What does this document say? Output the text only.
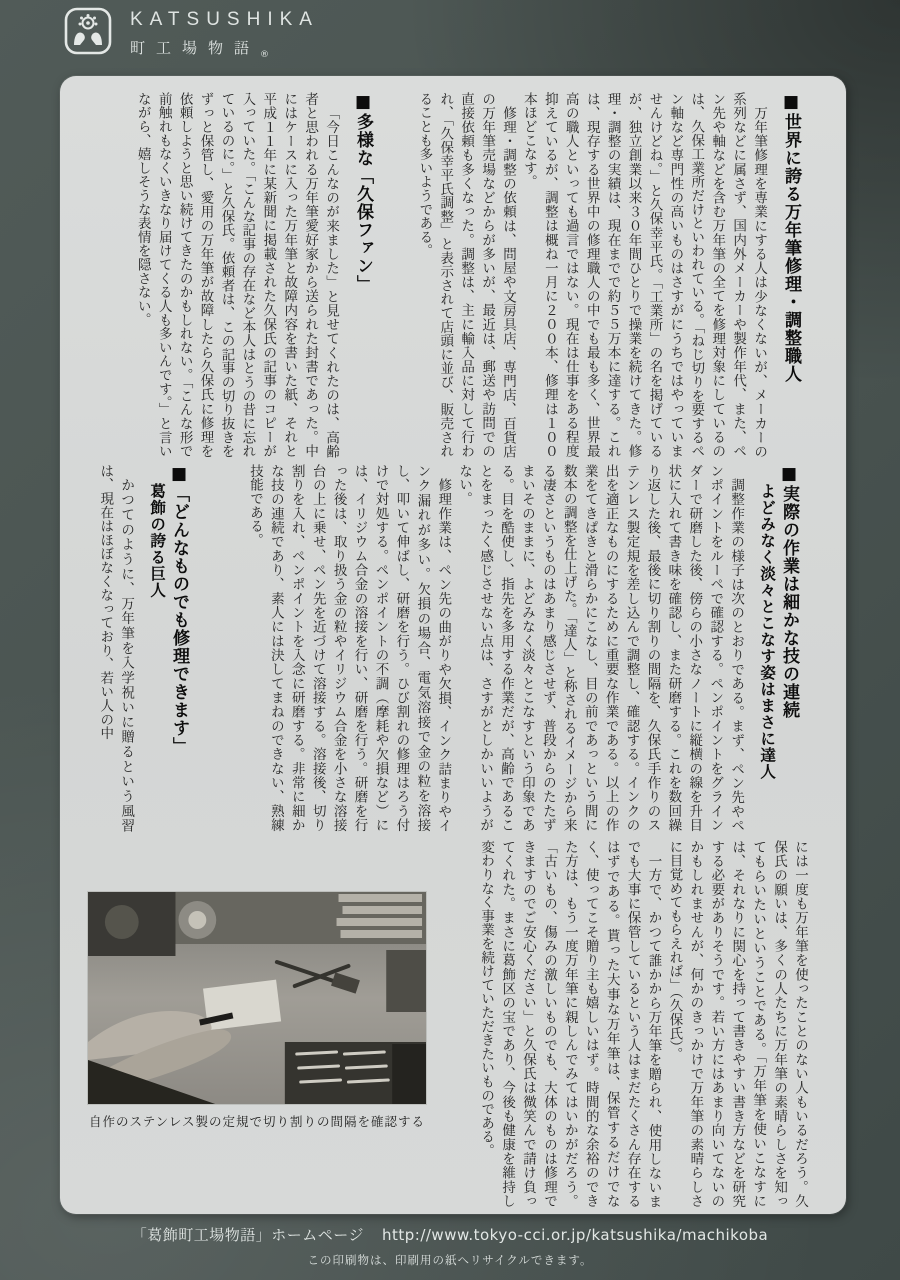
KATSUSHIKA
町工場物語$_®$
■世界に誇る万年筆修理・調整職人

万年筆修理を専業にする人は少なくないが、メーカーの系列などに属さず、国内外メーカーや製作年代、また、ペン先や軸などを含む万年筆の全てを修理対象にしているのは、久保工業所だけといわれている。「ねじ切りを要するペン軸など専門性の高いものはさすがにうちではやっていませんけどね。」と久保幸平氏。「工業所」の名を掲げているが、独立創業以来３０年間ひとりで操業を続けてきた。修理・調整の実績は、現在までで約５５万本に達する。これは、現存する世界中の修理職人の中でも最も多く、世界最高の職人といっても過言ではない。現在は仕事をある程度抑えているが、調整は概ね一月に２００本、修理は１００本ほどこなす。

修理・調整の依頼は、問屋や文房具店、専門店、百貨店の万年筆売場などからが多いが、最近は、郵送や訪問での直接依頼も多くなった。調整は、主に輸入品に対して行われ、「久保幸平氏調整」と表示されて店頭に並び、販売されることも多いようである。

■多様な「久保ファン」

「今日こんなのが来ました」と見せてくれたのは、高齢者と思われる万年筆愛好家から送られた封書であった。中にはケースに入った万年筆と故障内容を書いた紙、それと平成１１年に某新聞に掲載された久保氏の記事のコピーが入っていた。「こんな記事の存在など本人はとうの昔に忘れているのに。」と久保氏。依頼者は、この記事の切り抜きをずっと保管し、愛用の万年筆が故障したら久保氏に修理を依頼しようと思い続けてきたのかもしれない。「こんな形で前触れもなくいきなり届けてくる人も多いんです。」と言いながら、嬉しそうな表情を隠さない。

■実際の作業は細かな技の連続
よどみなく淡々とこなす姿はまさに達人

調整作業の様子は次のとおりである。まず、ペン先やペンポイントをルーペで確認する。ペンポイントをグラインダーで研磨した後、傍らの小さなノートに縦横の線を升目状に入れて書き味を確認し、また研磨する。これを数回繰り返した後、最後に切り割りの間隔を、久保氏手作りのステンレス製定規を差し込んで調整し、確認する。インクの出を適正なものにするために重要な作業である。以上の作業をてきぱきと滑らかにこなし、目の前であっという間に数本の調整を仕上げた。「達人」と称されるイメージから来る凄さというものはあまり感じさせず、普段からのたたずまいそのままに、よどみなく淡々とこなすという印象である。目を酷使し、指先を多用する作業だが、高齢であることをまったく感じさせない点は、さすがとしかいいようがない。

修理作業は、ペン先の曲がりや欠損、インク詰まりやインク漏れが多い。欠損の場合、電気溶接で金の粒を溶接し、叩いて伸ばし、研磨を行う。ひび割れの修理はろう付けで対処する。ペンポイントの不調（摩耗や欠損など）には、イリジウム合金の溶接を行い、研磨を行う。研磨を行った後は、取り扱う金の粒やイリジウム合金を小さな溶接台の上に乗せ、ペン先を近づけて溶接する。溶接後、切り割りを入れ、ペンポイントを入念に研磨する。非常に細かな技の連続であり、素人には決してまねのできない、熟練技能である。

■「どんなものでも修理できます」
葛飾の誇る巨人

かつてのように、万年筆を入学祝いに贈るという風習は、現在はほぼなくなっており、若い人の中

には一度も万年筆を使ったことのない人もいるだろう。久保氏の願いは、多くの人たちに万年筆の素晴らしさを知ってもらいたいということである。「万年筆を使いこなすには、それなりに関心を持って書きやすい書き方などを研究する必要がありそうです。若い方にはあまり向いてないのかもしれませんが、何かのきっかけで万年筆の素晴らしさに目覚めてもらえれば」（久保氏）。

一方で、かつて誰かから万年筆を贈られ、使用しないまでも大事に保管しているという人はまだたくさん存在するはずである。貰った大事な万年筆は、保管するだけでなく、使ってこそ贈り主も嬉しいはず。時間的な余裕のできた方は、もう一度万年筆に親しんでみてはいかがだろう。「古いもの、傷みの激しいものでも、大体のものは修理できますのでご安心ください」と久保氏は微笑んで請け負ってくれた。まさに葛飾区の宝であり、今後も健康を維持し変わりなく事業を続けていただきたいものである。

自作のステンレス製の定規で切り割りの間隔を確認する
「葛飾町工場物語」ホームページ http://www.tokyo-cci.or.jp/katsushika/machikoba
この印刷物は、印刷用の紙へリサイクルできます。
